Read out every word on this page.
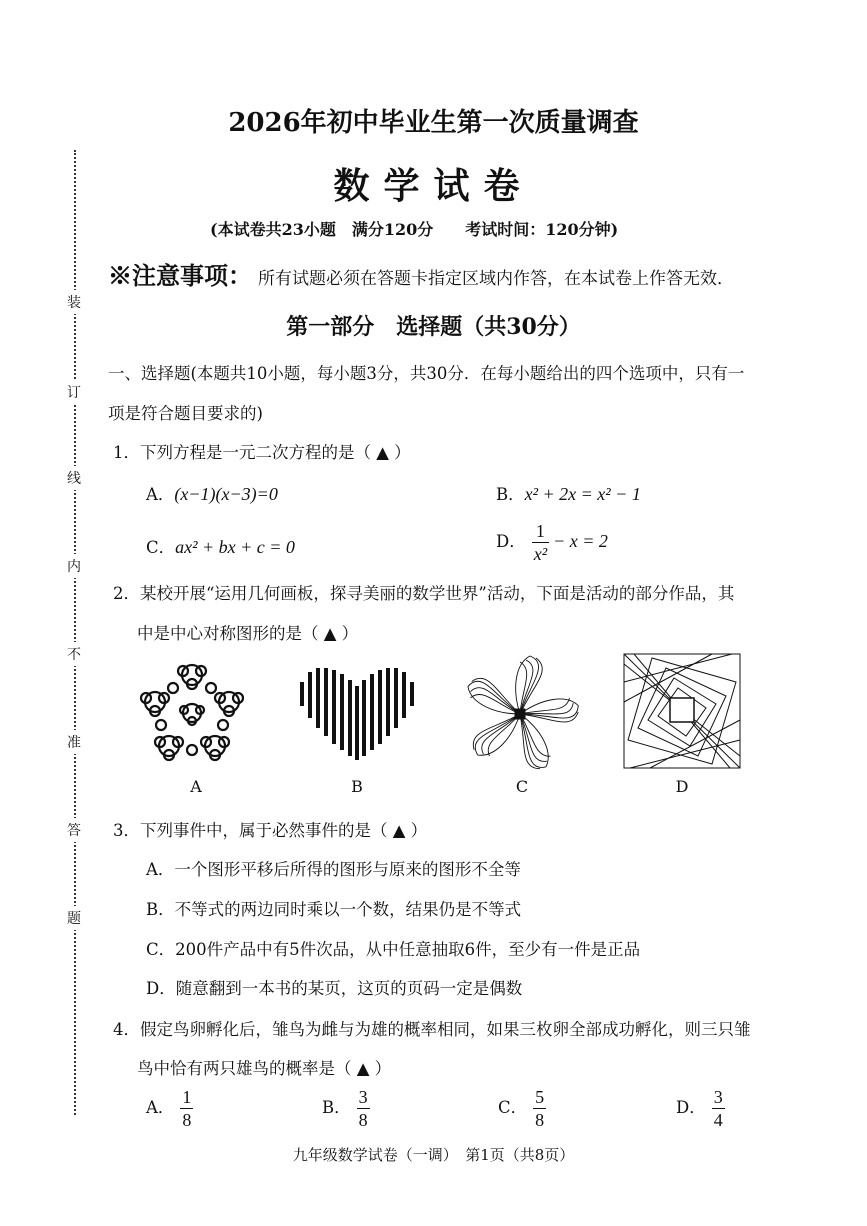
装
订
线
内
不
准
答
题
2026年初中毕业生第一次质量调查
数学试卷
(本试卷共23小题　满分120分　　考试时间：120分钟)
※注意事项： 所有试题必须在答题卡指定区域内作答，在本试卷上作答无效．
第一部分　选择题（共30分）
一、选择题(本题共10小题，每小题3分，共30分．在每小题给出的四个选项中，只有一
项是符合题目要求的)
1．下列方程是一元二次方程的是（ ▲ ）
A．(x−1)(x−3)=0	B．x² + 2x = x² − 1
C．ax² + bx + c = 0	D． $\frac{1}{\text{x²}} - x = 2$
2．某校开展“运用几何画板，探寻美丽的数学世界”活动，下面是活动的部分作品，其
中是中心对称图形的是（ ▲ ）
A	B	C	D
3．下列事件中，属于必然事件的是（ ▲ ）
A．一个图形平移后所得的图形与原来的图形不全等
B．不等式的两边同时乘以一个数，结果仍是不等式
C．200件产品中有5件次品，从中任意抽取6件，至少有一件是正品
D．随意翻到一本书的某页，这页的页码一定是偶数
4．假定鸟卵孵化后，雏鸟为雌与为雄的概率相同，如果三枚卵全部成功孵化，则三只雏
鸟中恰有两只雄鸟的概率是（ ▲ ）
A． $\frac{1}{8}$	B． $\frac{3}{8}$	C． $\frac{5}{8}$	D． $\frac{3}{4}$
九年级数学试卷（一调）　第1页（共8页）
